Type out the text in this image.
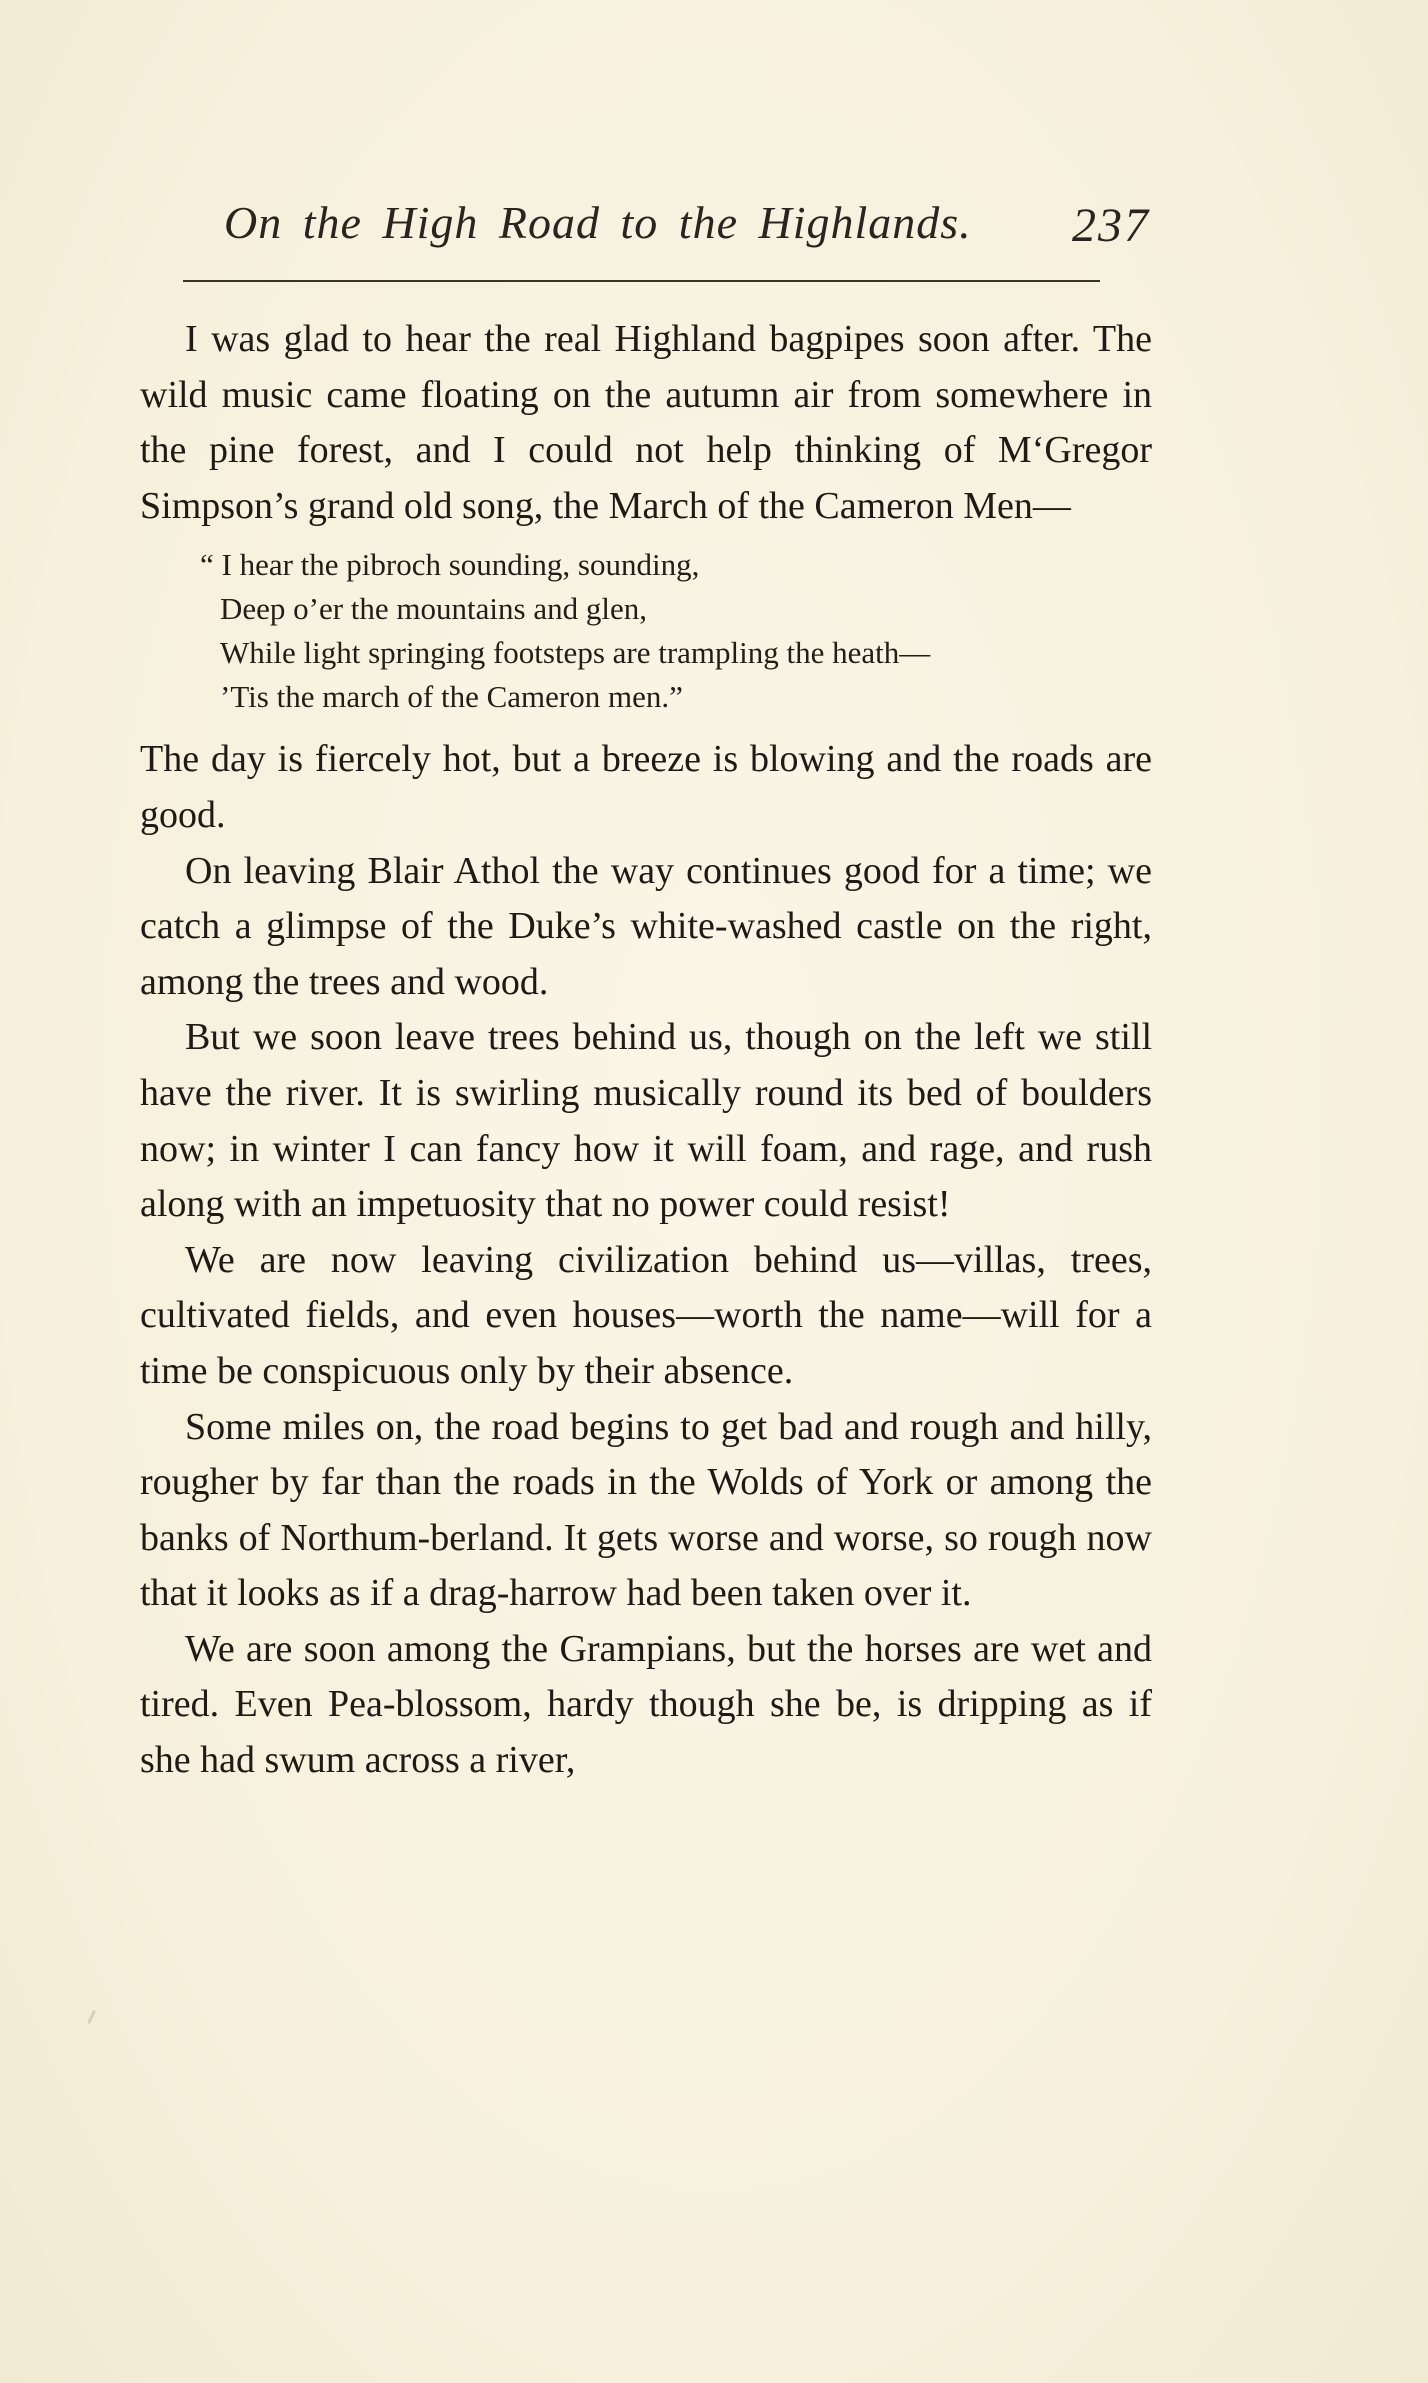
On the High Road to the Highlands. 237

I was glad to hear the real Highland bagpipes soon after. The wild music came floating on the autumn air from somewhere in the pine forest, and I could not help thinking of M‘Gregor Simpson’s grand old song, the March of the Cameron Men—

“ I hear the pibroch sounding, sounding,
Deep o’er the mountains and glen,
While light springing footsteps are trampling the heath—
’Tis the march of the Cameron men.”

The day is fiercely hot, but a breeze is blowing and the roads are good.

On leaving Blair Athol the way continues good for a time; we catch a glimpse of the Duke’s white-washed castle on the right, among the trees and wood.

But we soon leave trees behind us, though on the left we still have the river. It is swirling musically round its bed of boulders now; in winter I can fancy how it will foam, and rage, and rush along with an impetuosity that no power could resist!

We are now leaving civilization behind us—villas, trees, cultivated fields, and even houses—worth the name—will for a time be conspicuous only by their absence.

Some miles on, the road begins to get bad and rough and hilly, rougher by far than the roads in the Wolds of York or among the banks of Northum-berland. It gets worse and worse, so rough now that it looks as if a drag-harrow had been taken over it.

We are soon among the Grampians, but the horses are wet and tired. Even Pea-blossom, hardy though she be, is dripping as if she had swum across a river,
